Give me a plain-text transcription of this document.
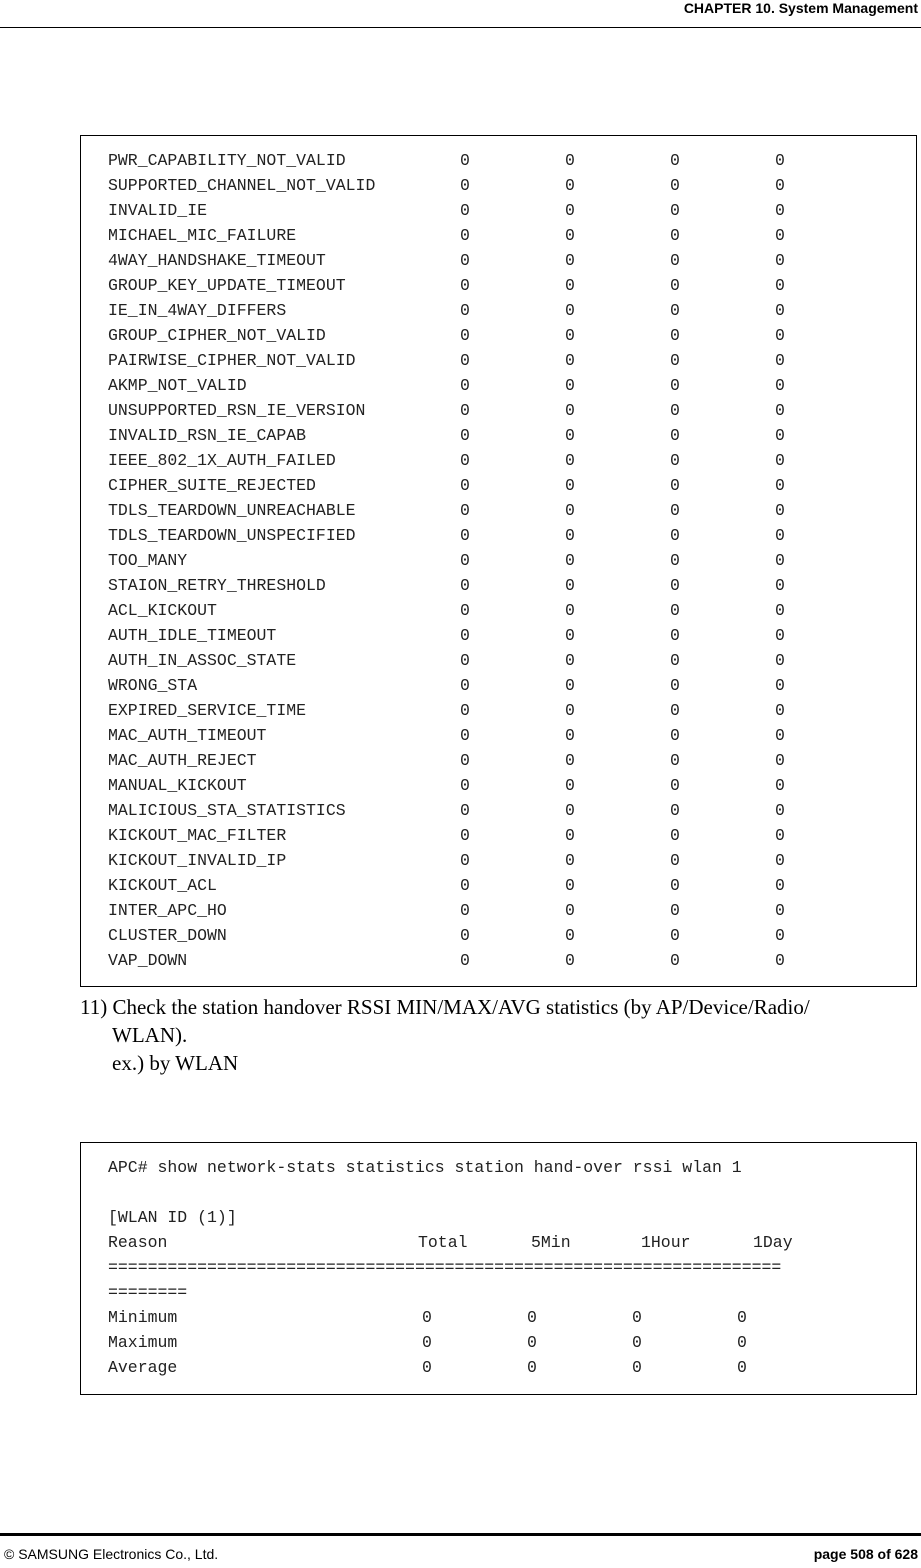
CHAPTER 10. System Management
PWR_CAPABILITY_NOT_VALID	0	0	0	0
SUPPORTED_CHANNEL_NOT_VALID	0	0	0	0
INVALID_IE	0	0	0	0
MICHAEL_MIC_FAILURE	0	0	0	0
4WAY_HANDSHAKE_TIMEOUT	0	0	0	0
GROUP_KEY_UPDATE_TIMEOUT	0	0	0	0
IE_IN_4WAY_DIFFERS	0	0	0	0
GROUP_CIPHER_NOT_VALID	0	0	0	0
PAIRWISE_CIPHER_NOT_VALID	0	0	0	0
AKMP_NOT_VALID	0	0	0	0
UNSUPPORTED_RSN_IE_VERSION	0	0	0	0
INVALID_RSN_IE_CAPAB	0	0	0	0
IEEE_802_1X_AUTH_FAILED	0	0	0	0
CIPHER_SUITE_REJECTED	0	0	0	0
TDLS_TEARDOWN_UNREACHABLE	0	0	0	0
TDLS_TEARDOWN_UNSPECIFIED	0	0	0	0
TOO_MANY	0	0	0	0
STAION_RETRY_THRESHOLD	0	0	0	0
ACL_KICKOUT	0	0	0	0
AUTH_IDLE_TIMEOUT	0	0	0	0
AUTH_IN_ASSOC_STATE	0	0	0	0
WRONG_STA	0	0	0	0
EXPIRED_SERVICE_TIME	0	0	0	0
MAC_AUTH_TIMEOUT	0	0	0	0
MAC_AUTH_REJECT	0	0	0	0
MANUAL_KICKOUT	0	0	0	0
MALICIOUS_STA_STATISTICS	0	0	0	0
KICKOUT_MAC_FILTER	0	0	0	0
KICKOUT_INVALID_IP	0	0	0	0
KICKOUT_ACL	0	0	0	0
INTER_APC_HO	0	0	0	0
CLUSTER_DOWN	0	0	0	0
VAP_DOWN	0	0	0	0
11) Check the station handover RSSI MIN/MAX/AVG statistics (by AP/Device/Radio/
WLAN).
ex.) by WLAN
APC# show network-stats statistics station hand-over rssi wlan 1
[WLAN ID (1)]
Reason	Total	5Min	1Hour	1Day
====================================================================
========
Minimum	0	0	0	0
Maximum	0	0	0	0
Average	0	0	0	0
© SAMSUNG Electronics Co., Ltd.	page 508 of 628
